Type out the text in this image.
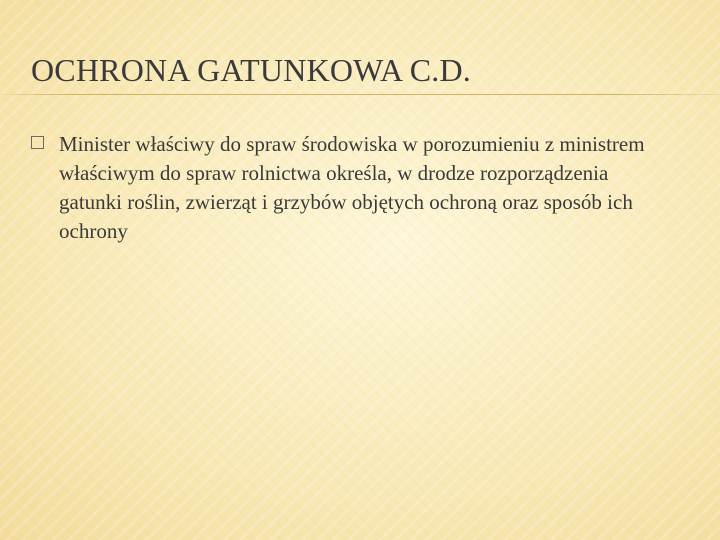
OCHRONA GATUNKOWA C.D.
Minister właściwy do spraw środowiska w porozumieniu z ministrem właściwym do spraw rolnictwa określa, w drodze rozporządzenia gatunki roślin, zwierząt i grzybów objętych ochroną oraz sposób ich ochrony
